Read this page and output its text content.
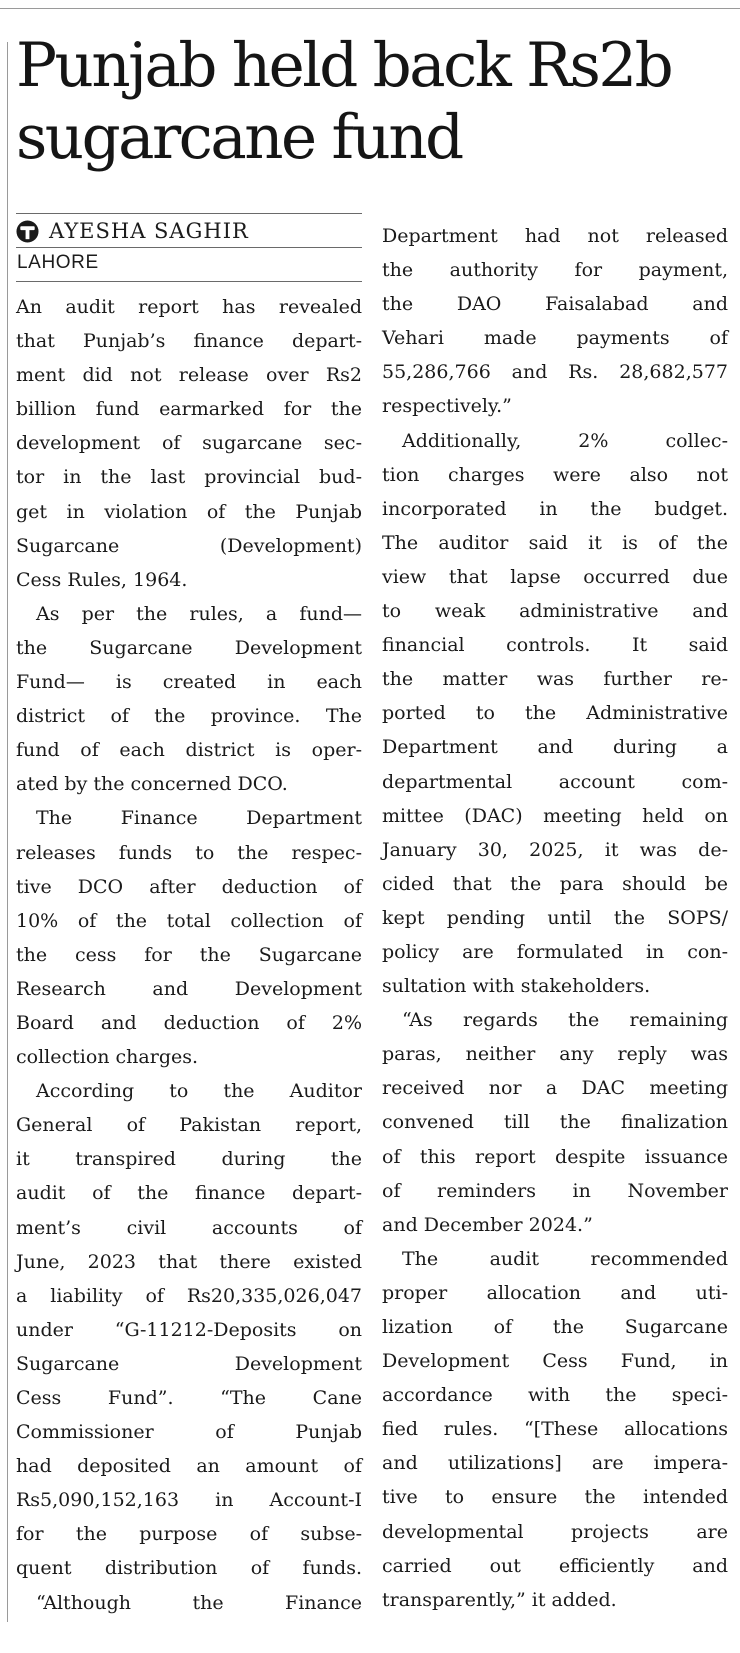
Punjab held back Rs2b
sugarcane fund
AYESHA SAGHIR
LAHORE
An audit report has revealed
that Punjab’s finance depart-
ment did not release over Rs2
billion fund earmarked for the
development of sugarcane sec-
tor in the last provincial bud-
get in violation of the Punjab
Sugarcane (Development)
Cess Rules, 1964.
As per the rules, a fund—
the Sugarcane Development
Fund— is created in each
district of the province. The
fund of each district is oper-
ated by the concerned DCO.
The Finance Department
releases funds to the respec-
tive DCO after deduction of
10% of the total collection of
the cess for the Sugarcane
Research and Development
Board and deduction of 2%
collection charges.
According to the Auditor
General of Pakistan report,
it transpired during the
audit of the finance depart-
ment’s civil accounts of
June, 2023 that there existed
a liability of Rs20,335,026,047
under “G-11212-Deposits on
Sugarcane Development
Cess Fund”. “The Cane
Commissioner of Punjab
had deposited an amount of
Rs5,090,152,163 in Account-I
for the purpose of subse-
quent distribution of funds.
“Although the Finance
Department had not released
the authority for payment,
the DAO Faisalabad and
Vehari made payments of
55,286,766 and Rs. 28,682,577
respectively.”
Additionally, 2% collec-
tion charges were also not
incorporated in the budget.
The auditor said it is of the
view that lapse occurred due
to weak administrative and
financial controls. It said
the matter was further re-
ported to the Administrative
Department and during a
departmental account com-
mittee (DAC) meeting held on
January 30, 2025, it was de-
cided that the para should be
kept pending until the SOPS/
policy are formulated in con-
sultation with stakeholders.
“As regards the remaining
paras, neither any reply was
received nor a DAC meeting
convened till the finalization
of this report despite issuance
of reminders in November
and December 2024.”
The audit recommended
proper allocation and uti-
lization of the Sugarcane
Development Cess Fund, in
accordance with the speci-
fied rules. “[These allocations
and utilizations] are impera-
tive to ensure the intended
developmental projects are
carried out efficiently and
transparently,” it added.
